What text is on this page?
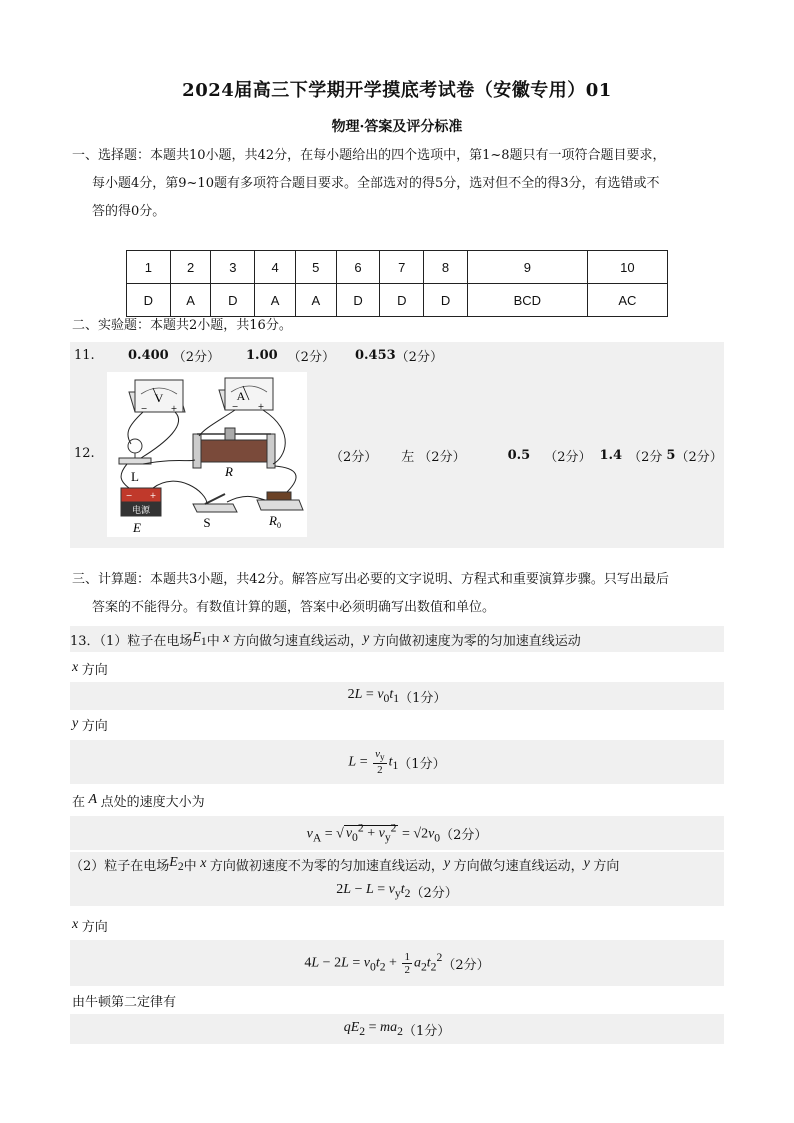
2024届高三下学期开学摸底考试卷（安徽专用）01
物理·答案及评分标准
一、选择题：本题共10小题，共42分，在每小题给出的四个选项中，第1~8题只有一项符合题目要求，
每小题4分，第9~10题有多项符合题目要求。全部选对的得5分，选对但不全的得3分，有选错或不
答的得0分。
1	2	3	4	5	6	7	8	9	10
D	A	D	A	A	D	D	D	BCD	AC
二、实验题：本题共2小题，共16分。
11.	0.400 （2分） 1.00 （2分） 0.453 （2分）
12.
V
−	+
A
− +
L	R
电源
− +
E	S	$R_0$
（2分） 左 （2分）	0.5 （2分） 1.4 （2分 5 （2分）
三、计算题：本题共3小题，共42分。解答应写出必要的文字说明、方程式和重要演算步骤。只写出最后
答案的不能得分。有数值计算的题，答案中必须明确写出数值和单位。
13．（1）粒子在电场 $E_1$ 中 x 方向做匀速直线运动， y 方向做初速度为零的匀加速直线运动
x 方向
$2L = v_0t_1$ （1分）
y 方向
$L = \frac{v_y}{2} t_1$ （1分）
在 A 点处的速度大小为
$v_A$ = √ $v_0^2 + v_y^2 = √2v_0$ （2分）
（2）粒子在电场 $E_2$ 中 x 方向做初速度不为零的匀加速直线运动， y 方向做匀速直线运动， y 方向
$2L - L = v_yt_2$ （2分）
x 方向
$4L - 2L = v_0t_2 + \frac{1}{2} a_2t_2^2$
（2分）
由牛顿第二定律有
$qE_2 = ma_2$ （1分）
